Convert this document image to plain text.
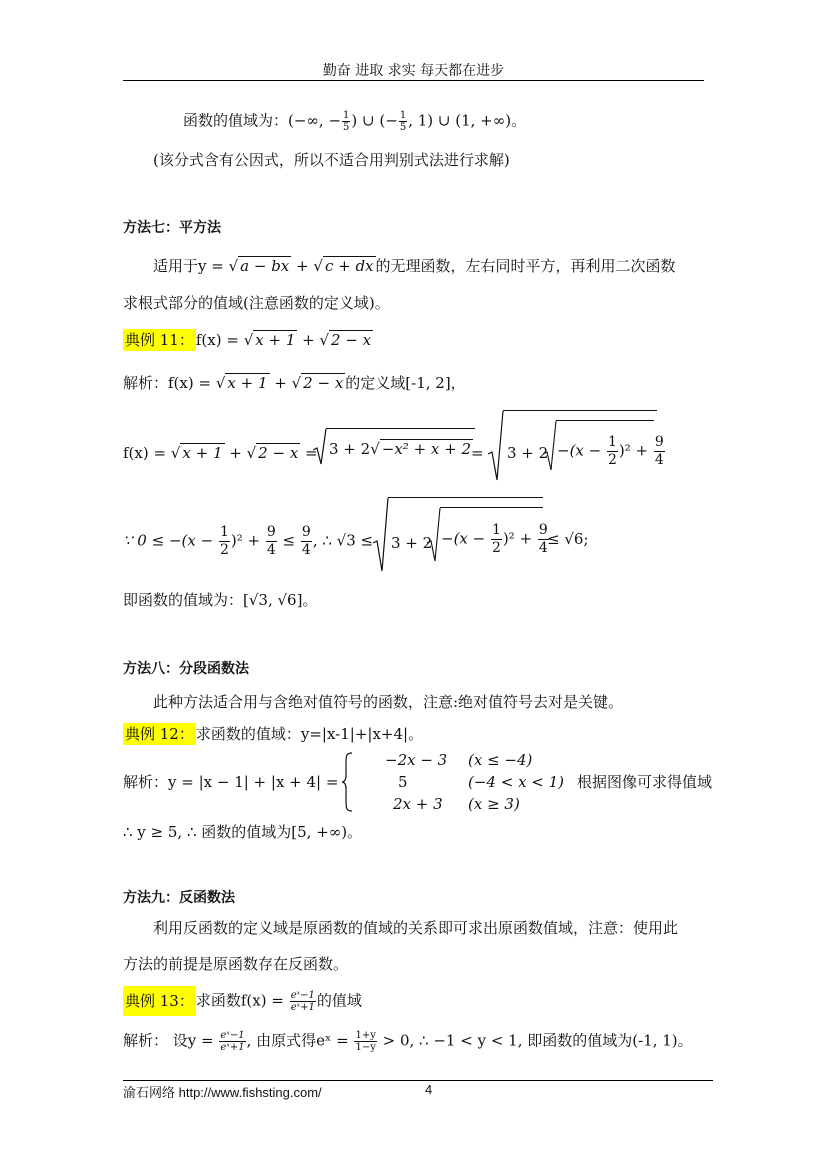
勤奋 进取 求实 每天都在进步
函数的值域为：(−∞, − $\frac{1}{5}$ ) ∪ (− $\frac{1}{5}$ , 1) ∪ (1, +∞)。
(该分式含有公因式，所以不适合用判别式法进行求解)
方法七：平方法
适用于y = √ a − bx + √ c + dx 的无理函数，左右同时平方，再利用二次函数
求根式部分的值域(注意函数的定义域)。
典例 11： f(x) = √ x + 1 + √ 2 − x
解析：f(x) = √ x + 1 + √ 2 − x 的定义域[-1, 2]，
f(x) = √ x + 1 + √ $2 - x = 3 + 2√ -x^2 + x + 2 = 3 + 2 -(x - \frac{1}{2} )^2 + \frac{9}{4}$
∵ $0 \le -(x - \frac{1}{2} )^2 + \frac{9}{4} \le \frac{9}{4}$ , ∴ $√3 \le 3 + 2 -(x - \frac{1}{2} )^2 + \frac{9}{4}$
≤ √6;
即函数的值域为：[√3, √6]。
方法八：分段函数法
此种方法适合用与含绝对值符号的函数，注意:绝对值符号去对是关键。
典例 12： 求函数的值域：y=|x-1|+|x+4|。
解析：y = |x − 1| + |x + 4| =
−2x − 3 (x ≤ −4)
5	(−4 < x < 1)
2x + 3 (x ≥ 3)
根据图像可求得值域
∴ y ≥ 5, ∴ 函数的值域为[5, +∞)。
方法九：反函数法
利用反函数的定义域是原函数的值域的关系即可求出原函数值域，注意：使用此
方法的前提是原函数存在反函数。
典例 13： 求函数$f(x) = \frac{\text{eˣ−1}}{\text{eˣ+1}}$ 的值域
解析： 设$y = \frac{\text{eˣ−1}}{\text{eˣ+1}}$ , 由原式得eˣ = $\frac{1+y}{1-y} > 0$, ∴ −1 < y < 1, 即函数的值域为(-1, 1)。
渝石网络 http://www.fishsting.com/	4
